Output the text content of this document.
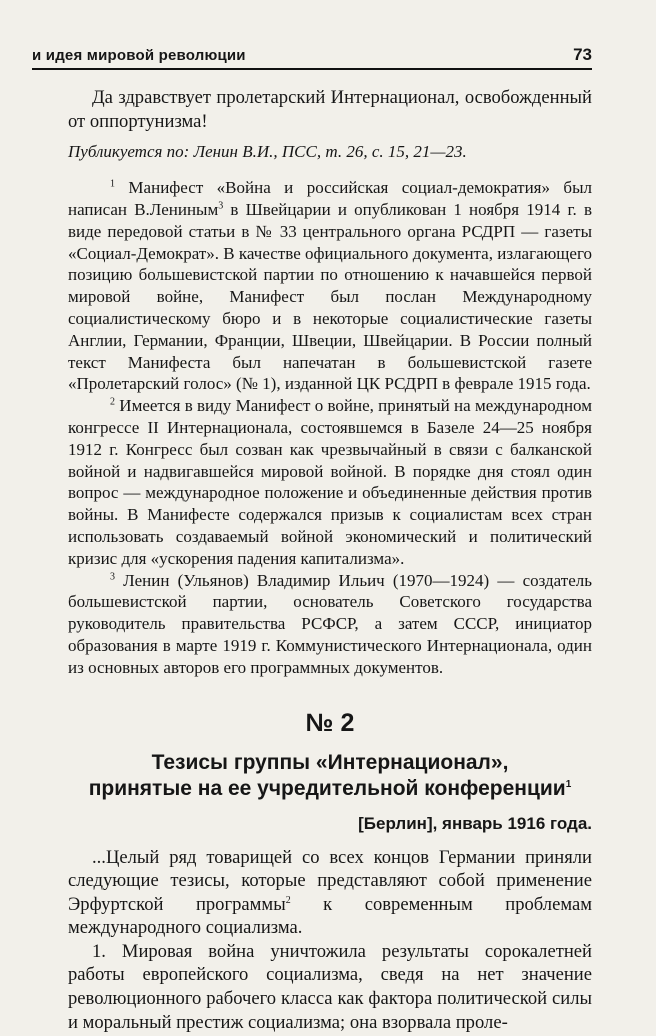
и идея мировой революции	73

Да здравствует пролетарский Интернационал, освобожденный от оппортунизма!

Публикуется по: Ленин В.И., ПСС, т. 26, с. 15, 21—23.

$^1$ Манифест «Война и российская социал-демократия» был написан В.Лениным$^3$ в Швейцарии и опубликован 1 ноября 1914 г. в виде передовой статьи в № 33 центрального органа РСДРП — газеты «Социал-Демократ». В качестве официального документа, излагающего позицию большевистской партии по отношению к начавшейся первой мировой войне, Манифест был послан Международному социалистическому бюро и в некоторые социалистические газеты Англии, Германии, Франции, Швеции, Швейцарии. В России полный текст Манифеста был напечатан в большевистской газете «Пролетарский голос» (№ 1), изданной ЦК РСДРП в феврале 1915 года.

$^2$ Имеется в виду Манифест о войне, принятый на международном конгрессе II Интернационала, состоявшемся в Базеле 24—25 ноября 1912 г. Конгресс был созван как чрезвычайный в связи с балканской войной и надвигавшейся мировой войной. В порядке дня стоял один вопрос — международное положение и объединенные действия против войны. В Манифесте содержался призыв к социалистам всех стран использовать создаваемый войной экономический и политический кризис для «ускорения падения капитализма».

$^3$ Ленин (Ульянов) Владимир Ильич (1970—1924) — создатель большевистской партии, основатель Советского государства руководитель правительства РСФСР, а затем СССР, инициатор образования в марте 1919 г. Коммунистического Интернационала, один из основных авторов его программных документов.

№ 2
Тезисы группы «Интернационал»,
принятые на ее учредительной конференции$^1$
[Берлин], январь 1916 года.

...Целый ряд товарищей со всех концов Германии приняли следующие тезисы, которые представляют собой применение Эрфуртской программы$^2$ к современным проблемам международного социализма.

1. Мировая война уничтожила результаты сорокалетней работы европейского социализма, сведя на нет значение революционного рабочего класса как фактора политической силы и моральный престиж социализма; она взорвала проле-
